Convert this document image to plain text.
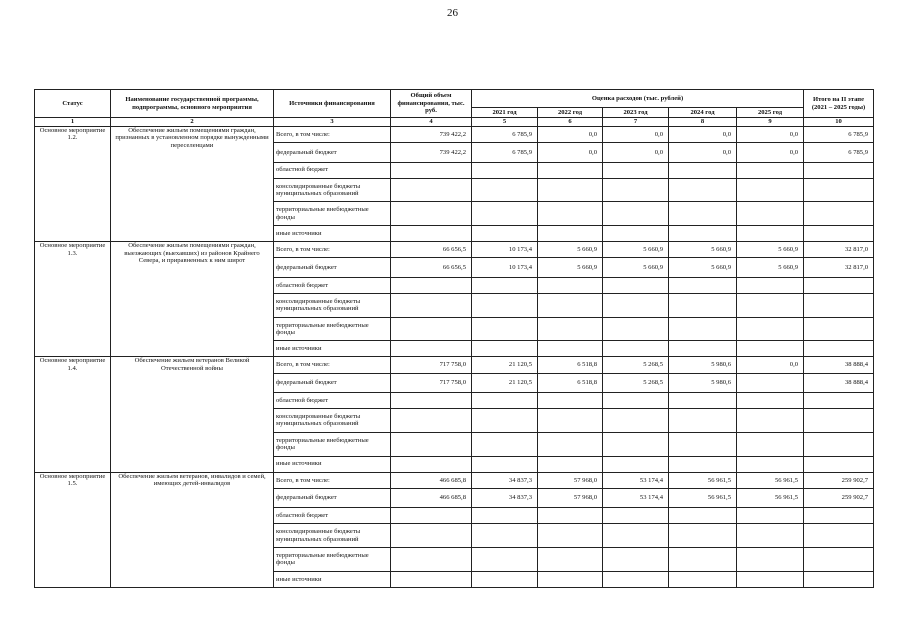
26
Статус	Наименование государственной программы, подпрограммы, основного мероприятия	Источники финансирования	Общий объем финансирования, тыс. руб.	Оценка расходов (тыс. рублей)					Итого на II этапе (2021 – 2025 годы)
				2021 год	2022 год	2023 год	2024 год	2025 год	
1	2	3	4	5	6	7	8	9	10
Основное мероприятие 1.2.	Обеспечение жильем помещениями граждан, признанных в установленном порядке вынужденными переселенцами	Всего, в том числе:	739 422,2	6 785,9	0,0	0,0	0,0	0,0	6 785,9
		федеральный бюджет	739 422,2	6 785,9	0,0	0,0	0,0	0,0	6 785,9
		областной бюджет							
		консолидированные бюджеты муниципальных образований							
		территориальные внебюджетные фонды							
		иные источники							
Основное мероприятие 1.3.	Обеспечение жильем помещениями граждан, выезжающих (выехавших) из районов Крайнего Севера, и приравненных к ним широт	Всего, в том числе:	66 656,5	10 173,4	5 660,9	5 660,9	5 660,9	5 660,9	32 817,0
		федеральный бюджет	66 656,5	10 173,4	5 660,9	5 660,9	5 660,9	5 660,9	32 817,0
		областной бюджет							
		консолидированные бюджеты муниципальных образований							
		территориальные внебюджетные фонды							
		иные источники							
Основное мероприятие 1.4.	Обеспечение жильем ветеранов Великой Отечественной войны	Всего, в том числе:	717 758,0	21 120,5	6 518,8	5 268,5	5 980,6	0,0	38 888,4
		федеральный бюджет	717 758,0	21 120,5	6 518,8	5 268,5	5 980,6		38 888,4
		областной бюджет							
		консолидированные бюджеты муниципальных образований							
		территориальные внебюджетные фонды							
		иные источники							
Основное мероприятие 1.5.	Обеспечение жильем ветеранов, инвалидов и семей, имеющих детей-инвалидов	Всего, в том числе:	466 685,8	34 837,3	57 968,0	53 174,4	56 961,5	56 961,5	259 902,7
		федеральный бюджет	466 685,8	34 837,3	57 968,0	53 174,4	56 961,5	56 961,5	259 902,7
		областной бюджет							
		консолидированные бюджеты муниципальных образований							
		территориальные внебюджетные фонды							
		иные источники							
